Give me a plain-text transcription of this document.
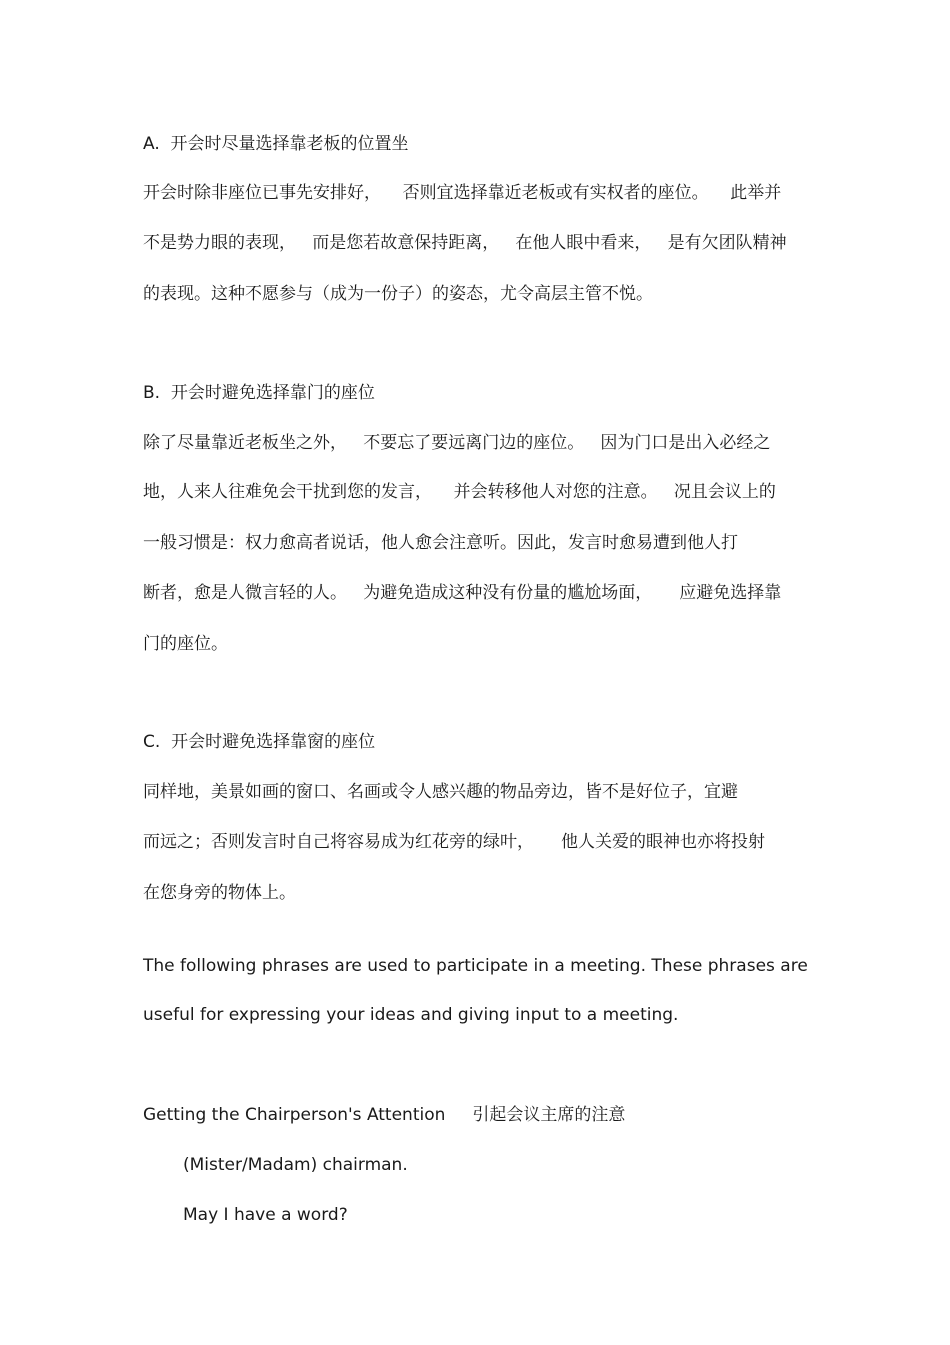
A.  开会时尽量选择靠老板的位置坐

开会时除非座位已事先安排好，    否则宜选择靠近老板或有实权者的座位。    此举并

不是势力眼的表现，   而是您若故意保持距离，   在他人眼中看来，   是有欠团队精神

的表现。这种不愿参与（成为一份子）的姿态，尤令高层主管不悦。

B.  开会时避免选择靠门的座位

除了尽量靠近老板坐之外，   不要忘了要远离门边的座位。   因为门口是出入必经之

地，人来人往难免会干扰到您的发言，    并会转移他人对您的注意。   况且会议上的

一般习惯是：权力愈高者说话，他人愈会注意听。因此，发言时愈易遭到他人打

断者，愈是人微言轻的人。   为避免造成这种没有份量的尴尬场面，     应避免选择靠

门的座位。

C.  开会时避免选择靠窗的座位

同样地，美景如画的窗口、名画或令人感兴趣的物品旁边，皆不是好位子，宜避

而远之；否则发言时自己将容易成为红花旁的绿叶，     他人关爱的眼神也亦将投射

在您身旁的物体上。

The following phrases are used to participate in a meeting. These phrases are

useful for expressing your ideas and giving input to a meeting.

Getting the Chairperson's Attention     引起会议主席的注意

(Mister/Madam) chairman.

May I have a word?
